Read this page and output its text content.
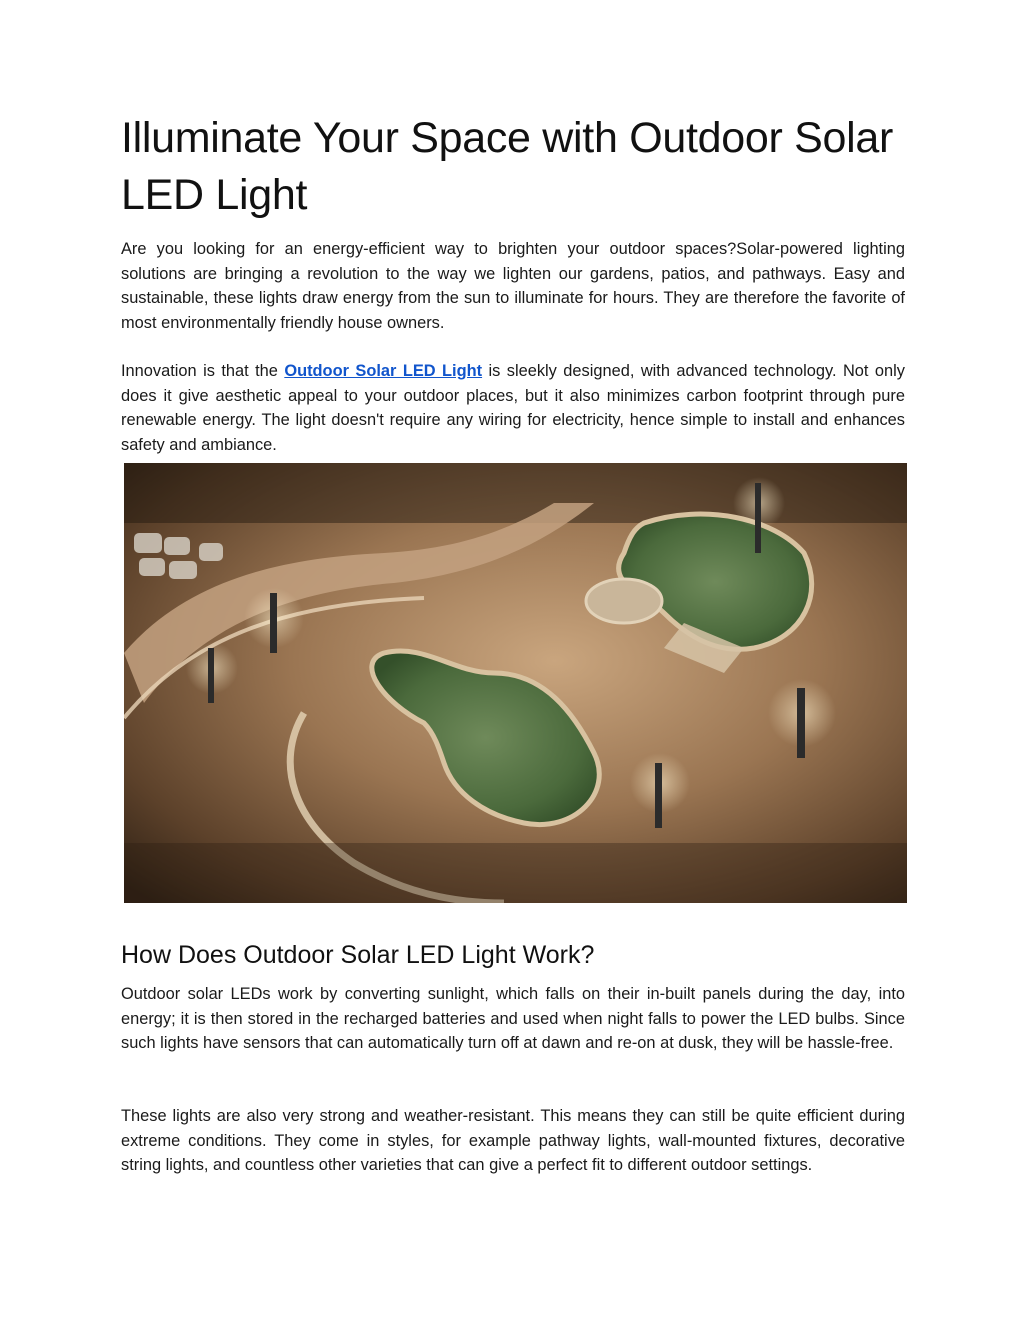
Illuminate Your Space with Outdoor Solar LED Light

Are you looking for an energy-efficient way to brighten your outdoor spaces?Solar-powered lighting solutions are bringing a revolution to the way we lighten our gardens, patios, and pathways. Easy and sustainable, these lights draw energy from the sun to illuminate for hours. They are therefore the favorite of most environmentally friendly house owners.

Innovation is that the Outdoor Solar LED Light is sleekly designed, with advanced technology. Not only does it give aesthetic appeal to your outdoor places, but it also minimizes carbon footprint through pure renewable energy. The light doesn't require any wiring for electricity, hence simple to install and enhances safety and ambiance.

How Does Outdoor Solar LED Light Work?

Outdoor solar LEDs work by converting sunlight, which falls on their in-built panels during the day, into energy; it is then stored in the recharged batteries and used when night falls to power the LED bulbs. Since such lights have sensors that can automatically turn off at dawn and re-on at dusk, they will be hassle-free.

These lights are also very strong and weather-resistant. This means they can still be quite efficient during extreme conditions. They come in styles, for example pathway lights, wall-mounted fixtures, decorative string lights, and countless other varieties that can give a perfect fit to different outdoor settings.
